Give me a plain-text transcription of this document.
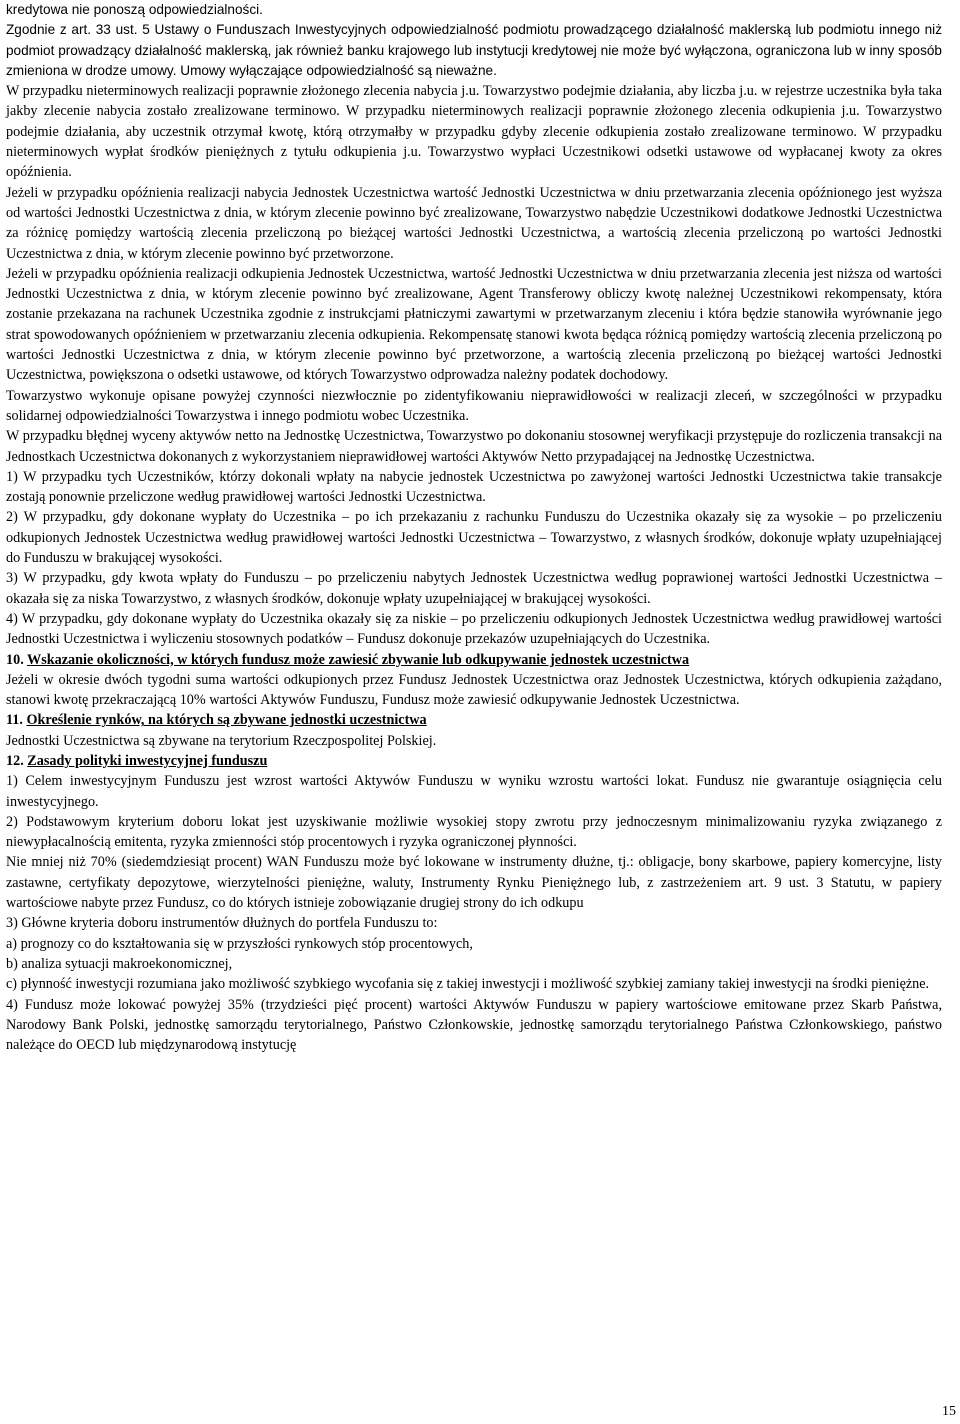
kredytowa nie ponoszą odpowiedzialności.

Zgodnie z art. 33 ust. 5 Ustawy o Funduszach Inwestycyjnych odpowiedzialność podmiotu prowadzącego działalność maklerską lub podmiotu innego niż podmiot prowadzący działalność maklerską, jak również banku krajowego lub instytucji kredytowej nie może być wyłączona, ograniczona lub w inny sposób zmieniona w drodze umowy. Umowy wyłączające odpowiedzialność są nieważne.

W przypadku nieterminowych realizacji poprawnie złożonego zlecenia nabycia j.u. Towarzystwo podejmie działania, aby liczba j.u. w rejestrze uczestnika była taka jakby zlecenie nabycia zostało zrealizowane terminowo. W przypadku nieterminowych realizacji poprawnie złożonego zlecenia odkupienia j.u. Towarzystwo podejmie działania, aby uczestnik otrzymał kwotę, którą otrzymałby w przypadku gdyby zlecenie odkupienia zostało zrealizowane terminowo. W przypadku nieterminowych wypłat środków pieniężnych z tytułu odkupienia j.u. Towarzystwo wypłaci Uczestnikowi odsetki ustawowe od wypłacanej kwoty za okres opóźnienia.

Jeżeli w przypadku opóźnienia realizacji nabycia Jednostek Uczestnictwa wartość Jednostki Uczestnictwa w dniu przetwarzania zlecenia opóźnionego jest wyższa od wartości Jednostki Uczestnictwa z dnia, w którym zlecenie powinno być zrealizowane, Towarzystwo nabędzie Uczestnikowi dodatkowe Jednostki Uczestnictwa za różnicę pomiędzy wartością zlecenia przeliczoną po bieżącej wartości Jednostki Uczestnictwa, a wartością zlecenia przeliczoną po wartości Jednostki Uczestnictwa z dnia, w którym zlecenie powinno być przetworzone.

Jeżeli w przypadku opóźnienia realizacji odkupienia Jednostek Uczestnictwa, wartość Jednostki Uczestnictwa w dniu przetwarzania zlecenia jest niższa od wartości Jednostki Uczestnictwa z dnia, w którym zlecenie powinno być zrealizowane, Agent Transferowy obliczy kwotę należnej Uczestnikowi rekompensaty, która zostanie przekazana na rachunek Uczestnika zgodnie z instrukcjami płatniczymi zawartymi w przetwarzanym zleceniu i która będzie stanowiła wyrównanie jego strat spowodowanych opóźnieniem w przetwarzaniu zlecenia odkupienia. Rekompensatę stanowi kwota będąca różnicą pomiędzy wartością zlecenia przeliczoną po wartości Jednostki Uczestnictwa z dnia, w którym zlecenie powinno być przetworzone, a wartością zlecenia przeliczoną po bieżącej wartości Jednostki Uczestnictwa, powiększona o odsetki ustawowe, od których Towarzystwo odprowadza należny podatek dochodowy.

Towarzystwo wykonuje opisane powyżej czynności niezwłocznie po zidentyfikowaniu nieprawidłowości w realizacji zleceń, w szczególności w przypadku solidarnej odpowiedzialności Towarzystwa i innego podmiotu wobec Uczestnika.

W przypadku błędnej wyceny aktywów netto na Jednostkę Uczestnictwa, Towarzystwo po dokonaniu stosownej weryfikacji przystępuje do rozliczenia transakcji na Jednostkach Uczestnictwa dokonanych z wykorzystaniem nieprawidłowej wartości Aktywów Netto przypadającej na Jednostkę Uczestnictwa.

1) W przypadku tych Uczestników, którzy dokonali wpłaty na nabycie jednostek Uczestnictwa po zawyżonej wartości Jednostki Uczestnictwa takie transakcje zostają ponownie przeliczone według prawidłowej wartości Jednostki Uczestnictwa.

2) W przypadku, gdy dokonane wypłaty do Uczestnika – po ich przekazaniu z rachunku Funduszu do Uczestnika okazały się za wysokie – po przeliczeniu odkupionych Jednostek Uczestnictwa według prawidłowej wartości Jednostki Uczestnictwa – Towarzystwo, z własnych środków, dokonuje wpłaty uzupełniającej do Funduszu w brakującej wysokości.

3) W przypadku, gdy kwota wpłaty do Funduszu – po przeliczeniu nabytych Jednostek Uczestnictwa według poprawionej wartości Jednostki Uczestnictwa – okazała się za niska Towarzystwo, z własnych środków, dokonuje wpłaty uzupełniającej w brakującej wysokości.

4) W przypadku, gdy dokonane wypłaty do Uczestnika okazały się za niskie – po przeliczeniu odkupionych Jednostek Uczestnictwa według prawidłowej wartości Jednostki Uczestnictwa i wyliczeniu stosownych podatków – Fundusz dokonuje przekazów uzupełniających do Uczestnika.

10. Wskazanie okoliczności, w których fundusz może zawiesić zbywanie lub odkupywanie jednostek uczestnictwa

Jeżeli w okresie dwóch tygodni suma wartości odkupionych przez Fundusz Jednostek Uczestnictwa oraz Jednostek Uczestnictwa, których odkupienia zażądano, stanowi kwotę przekraczającą 10% wartości Aktywów Funduszu, Fundusz może zawiesić odkupywanie Jednostek Uczestnictwa.

11. Określenie rynków, na których są zbywane jednostki uczestnictwa

Jednostki Uczestnictwa są zbywane na terytorium Rzeczpospolitej Polskiej.

12. Zasady polityki inwestycyjnej funduszu

1) Celem inwestycyjnym Funduszu jest wzrost wartości Aktywów Funduszu w wyniku wzrostu wartości lokat. Fundusz nie gwarantuje osiągnięcia celu inwestycyjnego.

2) Podstawowym kryterium doboru lokat jest uzyskiwanie możliwie wysokiej stopy zwrotu przy jednoczesnym minimalizowaniu ryzyka związanego z niewypłacalnością emitenta, ryzyka zmienności stóp procentowych i ryzyka ograniczonej płynności.

Nie mniej niż 70% (siedemdziesiąt procent) WAN Funduszu może być lokowane w instrumenty dłużne, tj.: obligacje, bony skarbowe, papiery komercyjne, listy zastawne, certyfikaty depozytowe, wierzytelności pieniężne, waluty, Instrumenty Rynku Pieniężnego lub, z zastrzeżeniem art. 9 ust. 3 Statutu, w papiery wartościowe nabyte przez Fundusz, co do których istnieje zobowiązanie drugiej strony do ich odkupu

3) Główne kryteria doboru instrumentów dłużnych do portfela Funduszu to:

a) prognozy co do kształtowania się w przyszłości rynkowych stóp procentowych,

b) analiza sytuacji makroekonomicznej,

c) płynność inwestycji rozumiana jako możliwość szybkiego wycofania się z takiej inwestycji i możliwość szybkiej zamiany takiej inwestycji na środki pieniężne.

4) Fundusz może lokować powyżej 35% (trzydzieści pięć procent) wartości Aktywów Funduszu w papiery wartościowe emitowane przez Skarb Państwa, Narodowy Bank Polski, jednostkę samorządu terytorialnego, Państwo Członkowskie, jednostkę samorządu terytorialnego Państwa Członkowskiego, państwo należące do OECD lub międzynarodową instytucję

15
